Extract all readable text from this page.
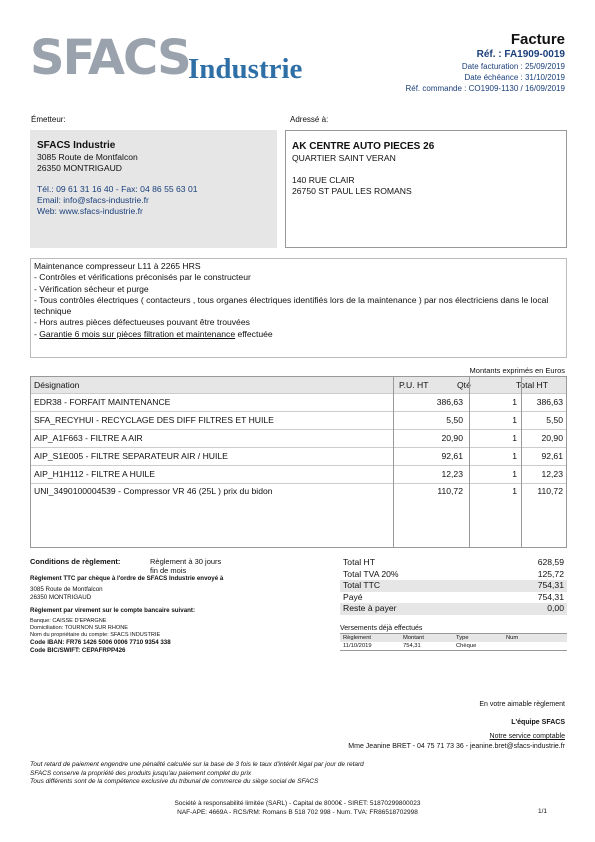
SFACS
Industrie
Facture
Réf. : FA1909-0019
Date facturation : 25/09/2019
Date échéance : 31/10/2019
Réf. commande : CO1909-1130 / 16/09/2019
Émetteur:
SFACS Industrie
3085 Route de Montfalcon
26350 MONTRIGAUD
Tél.: 09 61 31 16 40 - Fax: 04 86 55 63 01
Email: info@sfacs-industrie.fr
Web: www.sfacs-industrie.fr
Adressé à:
AK CENTRE AUTO PIECES 26
QUARTIER SAINT VERAN
140 RUE CLAIR
26750 ST PAUL LES ROMANS
Maintenance compresseur L11 à 2265 HRS
- Contrôles et vérifications préconisés par le constructeur
- Vérification sécheur et purge
- Tous contrôles électriques ( contacteurs , tous organes électriques identifiés lors de la maintenance ) par nos électriciens dans le local technique
- Hors autres pièces défectueuses pouvant être trouvées
- Garantie 6 mois sur pièces filtration et maintenance effectuée
Montants exprimés en Euros
Désignation	P.U. HT	Qté	Total HT
EDR38 - FORFAIT MAINTENANCE	386,63	1	386,63
SFA_RECYHUI - RECYCLAGE DES DIFF FILTRES ET HUILE	5,50	1	5,50
AIP_A1F663 - FILTRE A AIR	20,90	1	20,90
AIP_S1E005 - FILTRE SEPARATEUR AIR / HUILE	92,61	1	92,61
AIP_H1H112 - FILTRE A HUILE	12,23	1	12,23
UNI_3490100004539 - Compressor VR 46 (25L ) prix du bidon	110,72	1	110,72
Conditions de règlement:	Règlement à 30 jours fin de mois
Règlement TTC par chèque à l'ordre de SFACS Industrie envoyé à
3085 Route de Montfalcon
26350 MONTRIGAUD
Règlement par virement sur le compte bancaire suivant:
Banque: CAISSE D'EPARGNE
Domiciliation: TOURNON SUR RHONE
Nom du propriétaire du compte: SFACS INDUSTRIE
Code IBAN: FR76 1426 5006 0006 7710 9354 338
Code BIC/SWIFT: CEPAFRPP426
Total HT	628,59
Total TVA 20%	125,72
Total TTC	754,31
Payé	754,31
Reste à payer	0,00
Versements déjà effectués
Règlement	Montant	Type	Num
11/10/2019	754,31	Chèque
En votre aimable règlement
L'équipe SFACS
Notre service comptable
Mme Jeanine BRET - 04 75 71 73 36 - jeanine.bret@sfacs-industrie.fr
Tout retard de paiement engendre une pénalité calculée sur la base de 3 fois le taux d'intérêt légal par jour de retard
SFACS conserve la propriété des produits jusqu'au paiement complet du prix
Tous différents sont de la compétence exclusive du tribunal de commerce du siège social de SFACS
Société à responsabilité limitée (SARL) - Capital de 8000€ - SIRET: 51870299800023
NAF-APE: 4669A - RCS/RM: Romans B 518 702 998 - Num. TVA: FR86518702998	1/1
